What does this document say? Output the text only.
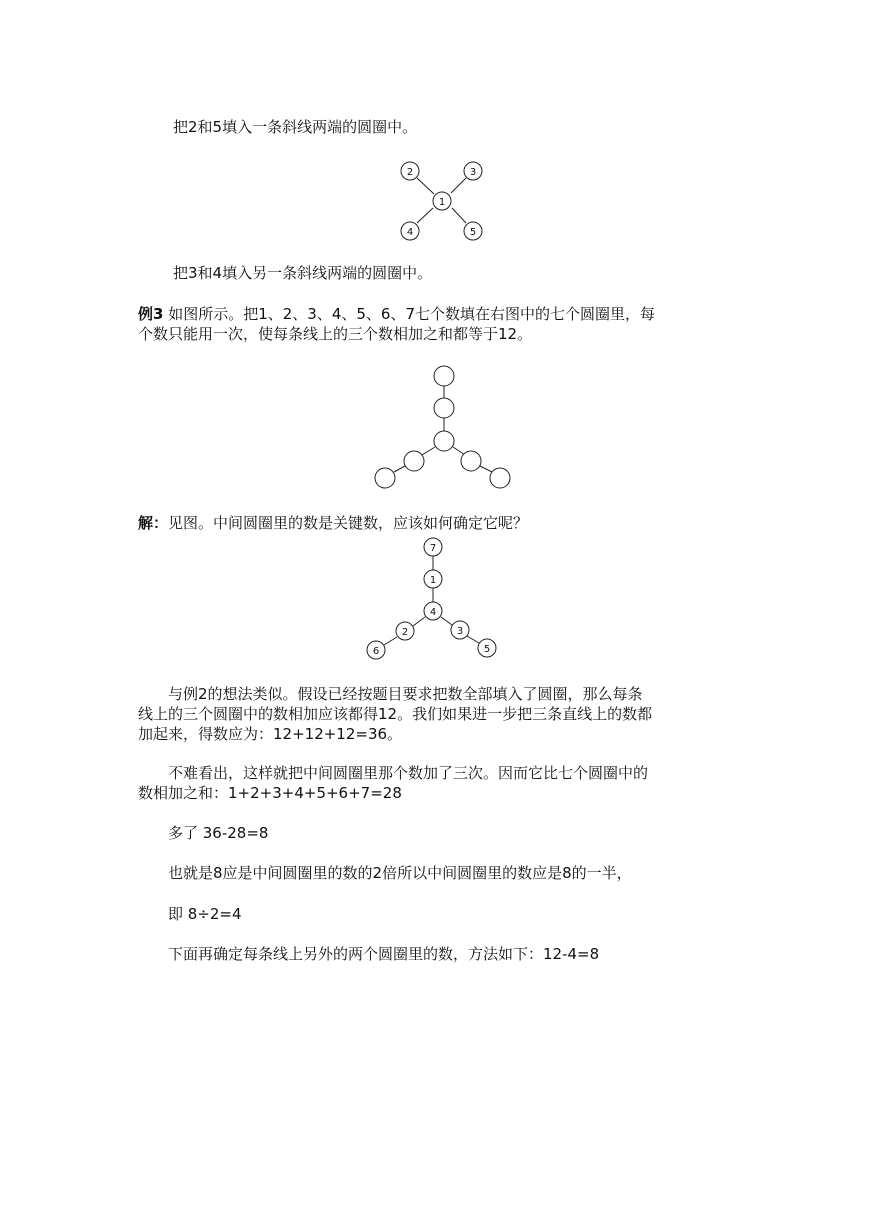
把2和5填入一条斜线两端的圆圈中。
2	3
1
4	5
把3和4填入另一条斜线两端的圆圈中。
例3 如图所示。把1、2、3、4、5、6、7七个数填在右图中的七个圆圈里，每
个数只能用一次，使每条线上的三个数相加之和都等于12。
解：见图。中间圆圈里的数是关键数，应该如何确定它呢？
7
1
4
2
6
3
5
与例2的想法类似。假设已经按题目要求把数全部填入了圆圈，那么每条
线上的三个圆圈中的数相加应该都得12。我们如果进一步把三条直线上的数都
加起来，得数应为：12+12+12=36。
不难看出，这样就把中间圆圈里那个数加了三次。因而它比七个圆圈中的
数相加之和：1+2+3+4+5+6+7=28
多了 36-28=8
也就是8应是中间圆圈里的数的2倍所以中间圆圈里的数应是8的一半，
即 8÷2=4
下面再确定每条线上另外的两个圆圈里的数，方法如下：12-4=8
